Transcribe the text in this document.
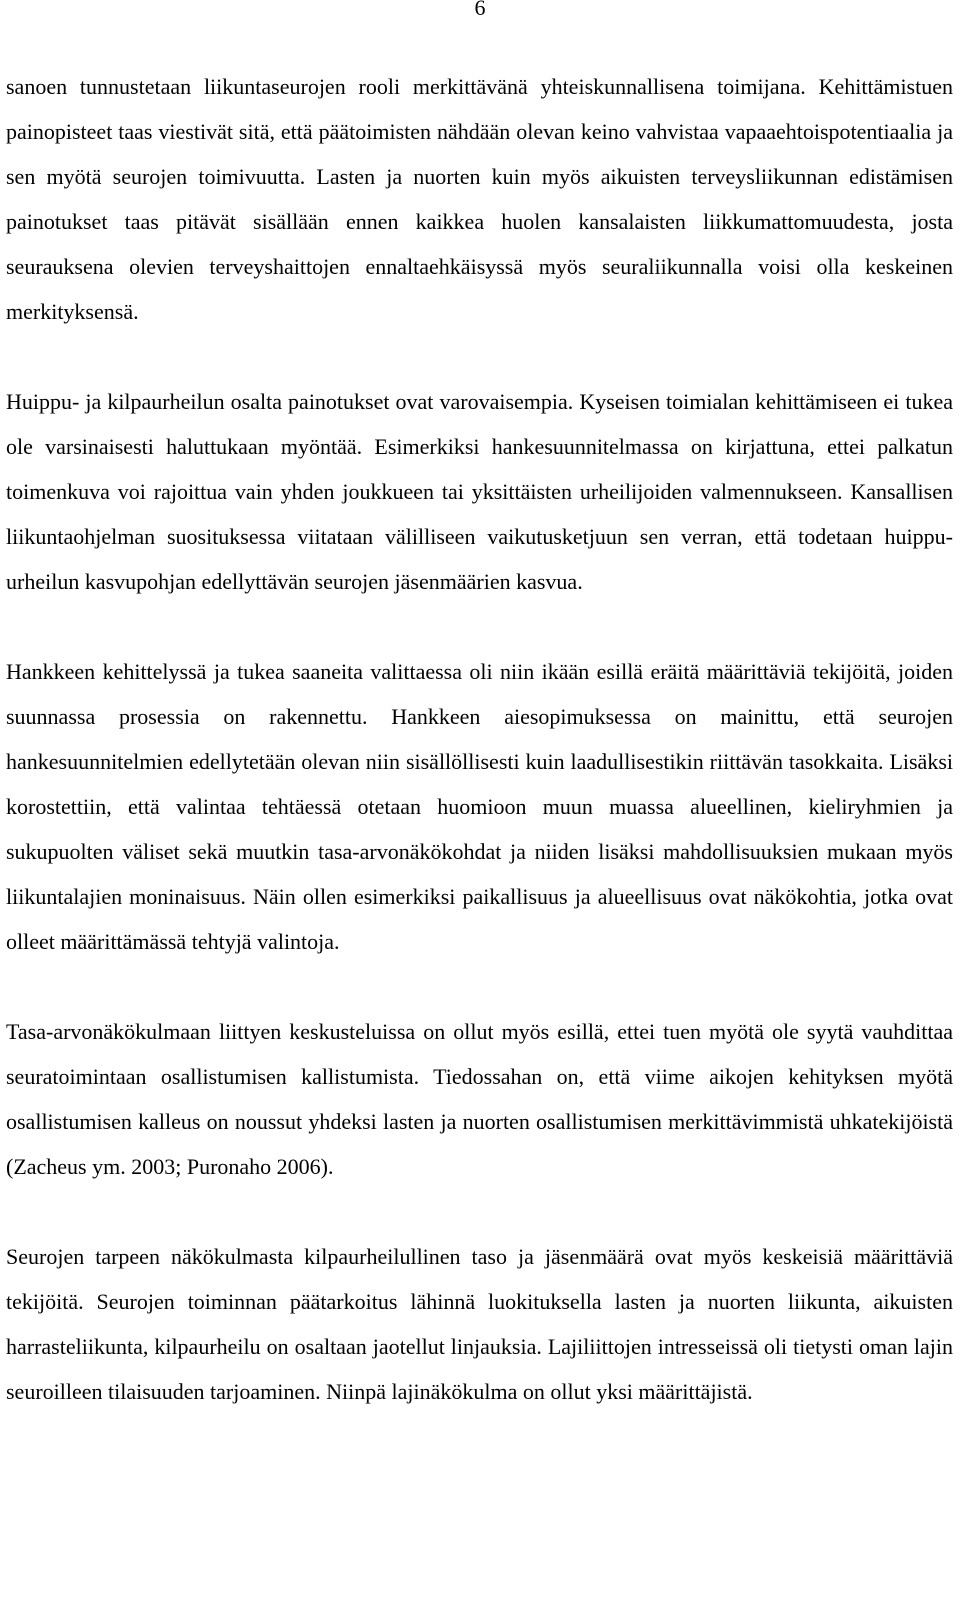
6

sanoen tunnustetaan liikuntaseurojen rooli merkittävänä yhteiskunnallisena toimijana. Kehittämistuen painopisteet taas viestivät sitä, että päätoimisten nähdään olevan keino vahvistaa vapaaehtoispotentiaalia ja sen myötä seurojen toimivuutta. Lasten ja nuorten kuin myös aikuisten terveysliikunnan edistämisen painotukset taas pitävät sisällään ennen kaikkea huolen kansalaisten liikkumattomuudesta, josta seurauksena olevien terveyshaittojen ennaltaehkäisyssä myös seuraliikunnalla voisi olla keskeinen merkityksensä.

Huippu- ja kilpaurheilun osalta painotukset ovat varovaisempia. Kyseisen toimialan kehittämiseen ei tukea ole varsinaisesti haluttukaan myöntää. Esimerkiksi hankesuunnitelmassa on kirjattuna, ettei palkatun toimenkuva voi rajoittua vain yhden joukkueen tai yksittäisten urheilijoiden valmennukseen. Kansallisen liikuntaohjelman suosituksessa viitataan välilliseen vaikutusketjuun sen verran, että todetaan huippu-urheilun kasvupohjan edellyttävän seurojen jäsenmäärien kasvua.

Hankkeen kehittelyssä ja tukea saaneita valittaessa oli niin ikään esillä eräitä määrittäviä tekijöitä, joiden suunnassa prosessia on rakennettu. Hankkeen aiesopimuksessa on mainittu, että seurojen hankesuunnitelmien edellytetään olevan niin sisällöllisesti kuin laadullisestikin riittävän tasokkaita. Lisäksi korostettiin, että valintaa tehtäessä otetaan huomioon muun muassa alueellinen, kieliryhmien ja sukupuolten väliset sekä muutkin tasa-arvonäkökohdat ja niiden lisäksi mahdollisuuksien mukaan myös liikuntalajien moninaisuus. Näin ollen esimerkiksi paikallisuus ja alueellisuus ovat näkökohtia, jotka ovat olleet määrittämässä tehtyjä valintoja.

Tasa-arvonäkökulmaan liittyen keskusteluissa on ollut myös esillä, ettei tuen myötä ole syytä vauhdittaa seuratoimintaan osallistumisen kallistumista. Tiedossahan on, että viime aikojen kehityksen myötä osallistumisen kalleus on noussut yhdeksi lasten ja nuorten osallistumisen merkittävimmistä uhkatekijöistä (Zacheus ym. 2003; Puronaho 2006).

Seurojen tarpeen näkökulmasta kilpaurheilullinen taso ja jäsenmäärä ovat myös keskeisiä määrittäviä tekijöitä. Seurojen toiminnan päätarkoitus lähinnä luokituksella lasten ja nuorten liikunta, aikuisten harrasteliikunta, kilpaurheilu on osaltaan jaotellut linjauksia. Lajiliittojen intresseissä oli tietysti oman lajin seuroilleen tilaisuuden tarjoaminen. Niinpä lajinäkökulma on ollut yksi määrittäjistä.
